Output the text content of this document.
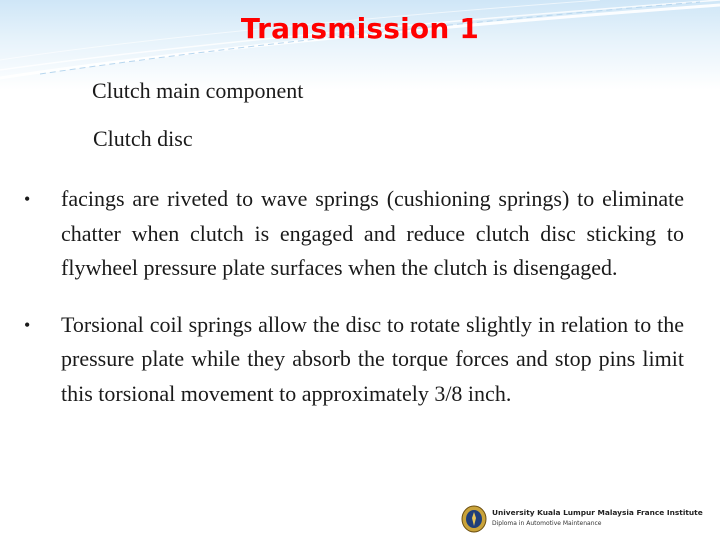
Transmission 1
Clutch main component
Clutch disc
• facings are riveted to wave springs (cushioning springs) to eliminate chatter when clutch is engaged and reduce clutch disc sticking to flywheel pressure plate surfaces when the clutch is disengaged.
• Torsional coil springs allow the disc to rotate slightly in relation to the pressure plate while they absorb the torque forces and stop pins limit this torsional movement to approximately 3/8 inch.
University Kuala Lumpur Malaysia France Institute
Diploma in Automotive Maintenance
